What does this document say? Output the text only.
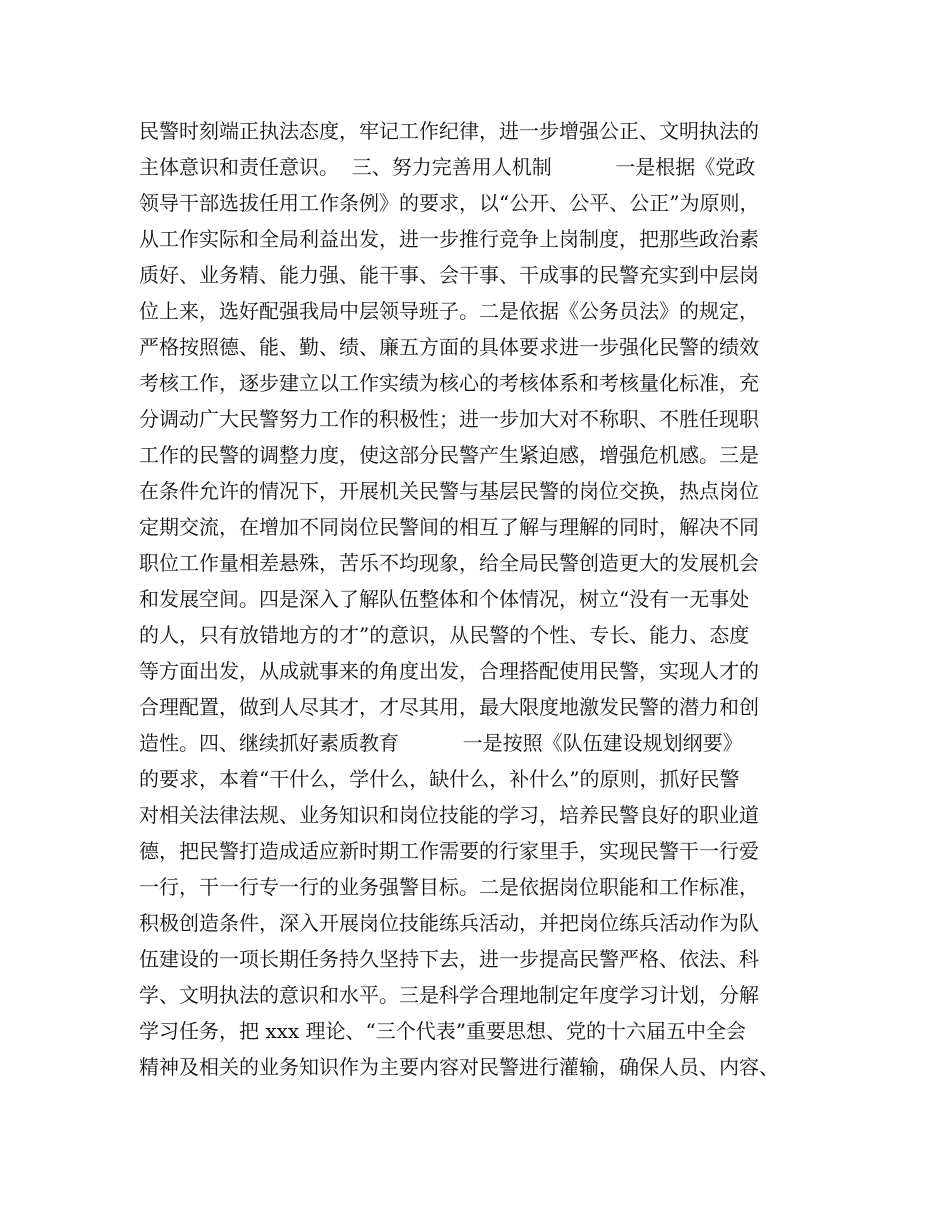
民警时刻端正执法态度，牢记工作纪律，进一步增强公正、文明执法的
主体意识和责任意识。  三、努力完善用人机制          一是根据《党政
领导干部选拔任用工作条例》的要求，以“公开、公平、公正”为原则，
从工作实际和全局利益出发，进一步推行竞争上岗制度，把那些政治素
质好、业务精、能力强、能干事、会干事、干成事的民警充实到中层岗
位上来，选好配强我局中层领导班子。二是依据《公务员法》的规定，
严格按照德、能、勤、绩、廉五方面的具体要求进一步强化民警的绩效
考核工作，逐步建立以工作实绩为核心的考核体系和考核量化标准，充
分调动广大民警努力工作的积极性；进一步加大对不称职、不胜任现职
工作的民警的调整力度，使这部分民警产生紧迫感，增强危机感。三是
在条件允许的情况下，开展机关民警与基层民警的岗位交换，热点岗位
定期交流，在增加不同岗位民警间的相互了解与理解的同时，解决不同
职位工作量相差悬殊，苦乐不均现象，给全局民警创造更大的发展机会
和发展空间。四是深入了解队伍整体和个体情况，树立“没有一无事处
的人，只有放错地方的才”的意识，从民警的个性、专长、能力、态度
等方面出发，从成就事来的角度出发，合理搭配使用民警，实现人才的
合理配置，做到人尽其才，才尽其用，最大限度地激发民警的潜力和创
造性。四、继续抓好素质教育          一是按照《队伍建设规划纲要》
的要求，本着“干什么，学什么，缺什么，补什么”的原则，抓好民警
对相关法律法规、业务知识和岗位技能的学习，培养民警良好的职业道
德，把民警打造成适应新时期工作需要的行家里手，实现民警干一行爱
一行，干一行专一行的业务强警目标。二是依据岗位职能和工作标准，
积极创造条件，深入开展岗位技能练兵活动，并把岗位练兵活动作为队
伍建设的一项长期任务持久坚持下去，进一步提高民警严格、依法、科
学、文明执法的意识和水平。三是科学合理地制定年度学习计划，分解
学习任务，把 xxx 理论、“三个代表”重要思想、党的十六届五中全会
精神及相关的业务知识作为主要内容对民警进行灌输，确保人员、内容、
